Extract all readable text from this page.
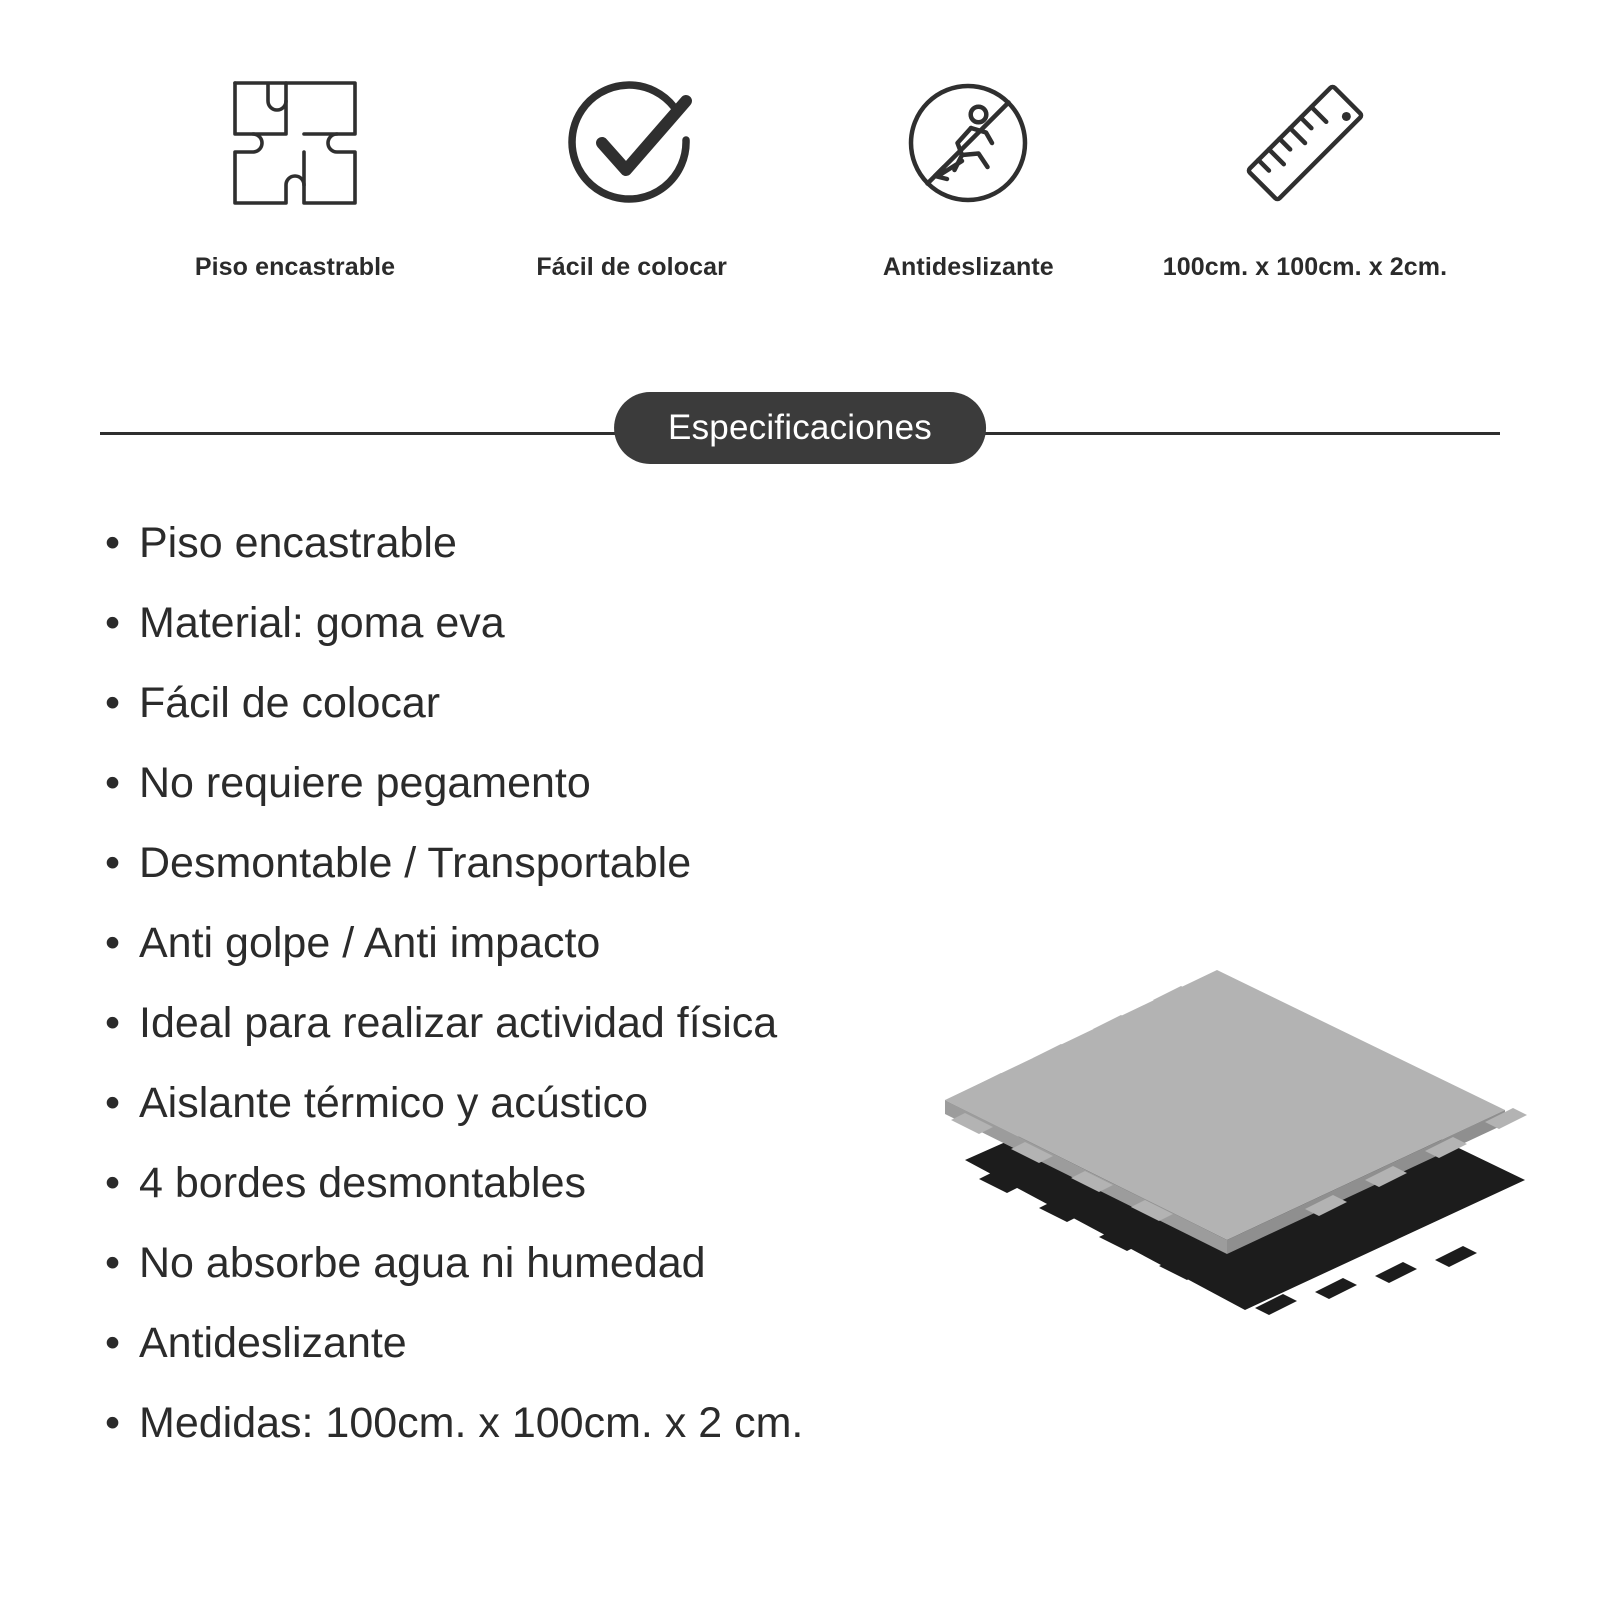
Piso encastrable	Fácil de colocar	Antideslizante	100cm. x 100cm. x 2cm.
Especificaciones
• Piso encastrable
• Material: goma eva
• Fácil de colocar
• No requiere pegamento
• Desmontable / Transportable
• Anti golpe / Anti impacto
• Ideal para realizar actividad física
• Aislante térmico y acústico
• 4 bordes desmontables
• No absorbe agua ni humedad
• Antideslizante
• Medidas: 100cm. x 100cm. x 2 cm.
